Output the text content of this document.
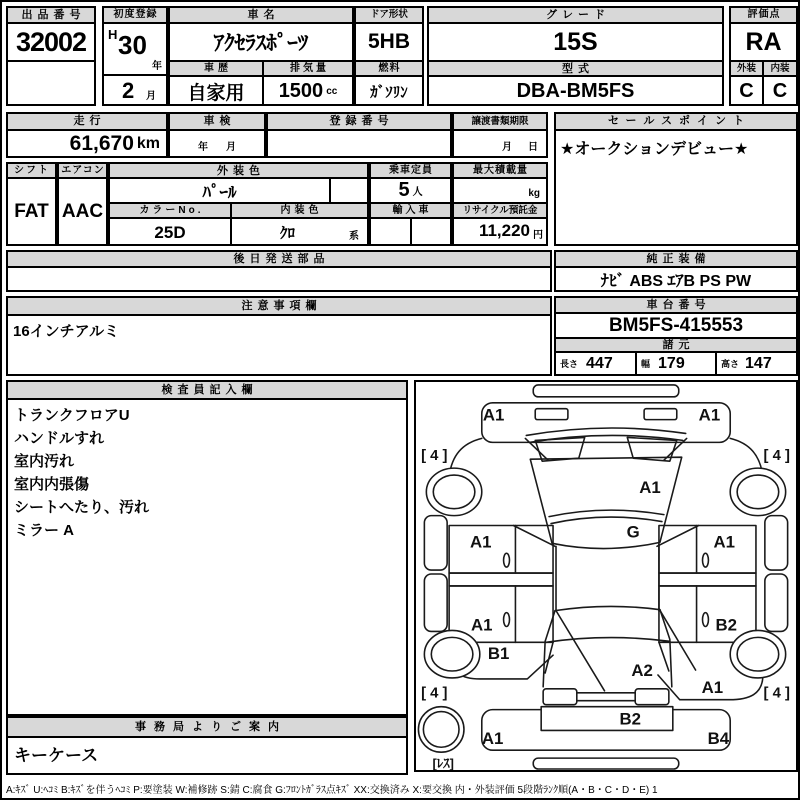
出品番号
32002
初度登録
H 30
年
2 月
車名
ｱｸｾﾗｽﾎﾟｰﾂ
車歴	排気量
自家用	1500 cc
ドア形状
5HB
燃料
ｶﾞｿﾘﾝ
グレード
15S
型式
DBA-BM5FS
評価点
RA
外装	内装
C C
走行
61,670 km
車検
年 月
登録番号	譲渡書類期限
月 日
セールスポイント
★オークションデビュー★
シフト
FAT
エアコン
AAC
外装色
ﾊﾟｰﾙ
カラーNo.	内装色
25D	ｸﾛ	系
乗車定員
5 人
輸入車
最大積載量
kg
リサイクル預託金
11,220 円
後日発送部品	純正装備
ﾅﾋﾞ ABS ｴｱB PS PW
注意事項欄
16インチアルミ
車台番号
BM5FS-415553
諸元
長さ 447	幅 179	高さ 147
検査員記入欄
トランクフロアU
ハンドルすれ
室内汚れ
室内内張傷
シートへたり、汚れ
ミラー A
A1	A1
[ 4 ]	[ 4 ]
A1
G
A1	A1
A1	B2
B1
A2
A1
[ 4 ]	[ 4 ]
B2
A1	B4
[ﾚｽ]
事務局よりご案内
キーケース
A:ｷｽﾞ U:ﾍｺﾐ B:ｷｽﾞを伴うﾍｺﾐ P:要塗装 W:補修跡 S:錆 C:腐食 G:ﾌﾛﾝﾄｶﾞﾗｽ点ｷｽﾞ XX:交換済み X:要交換 内・外装評価 5段階ﾗﾝｸ順(A・B・C・D・E) 1
